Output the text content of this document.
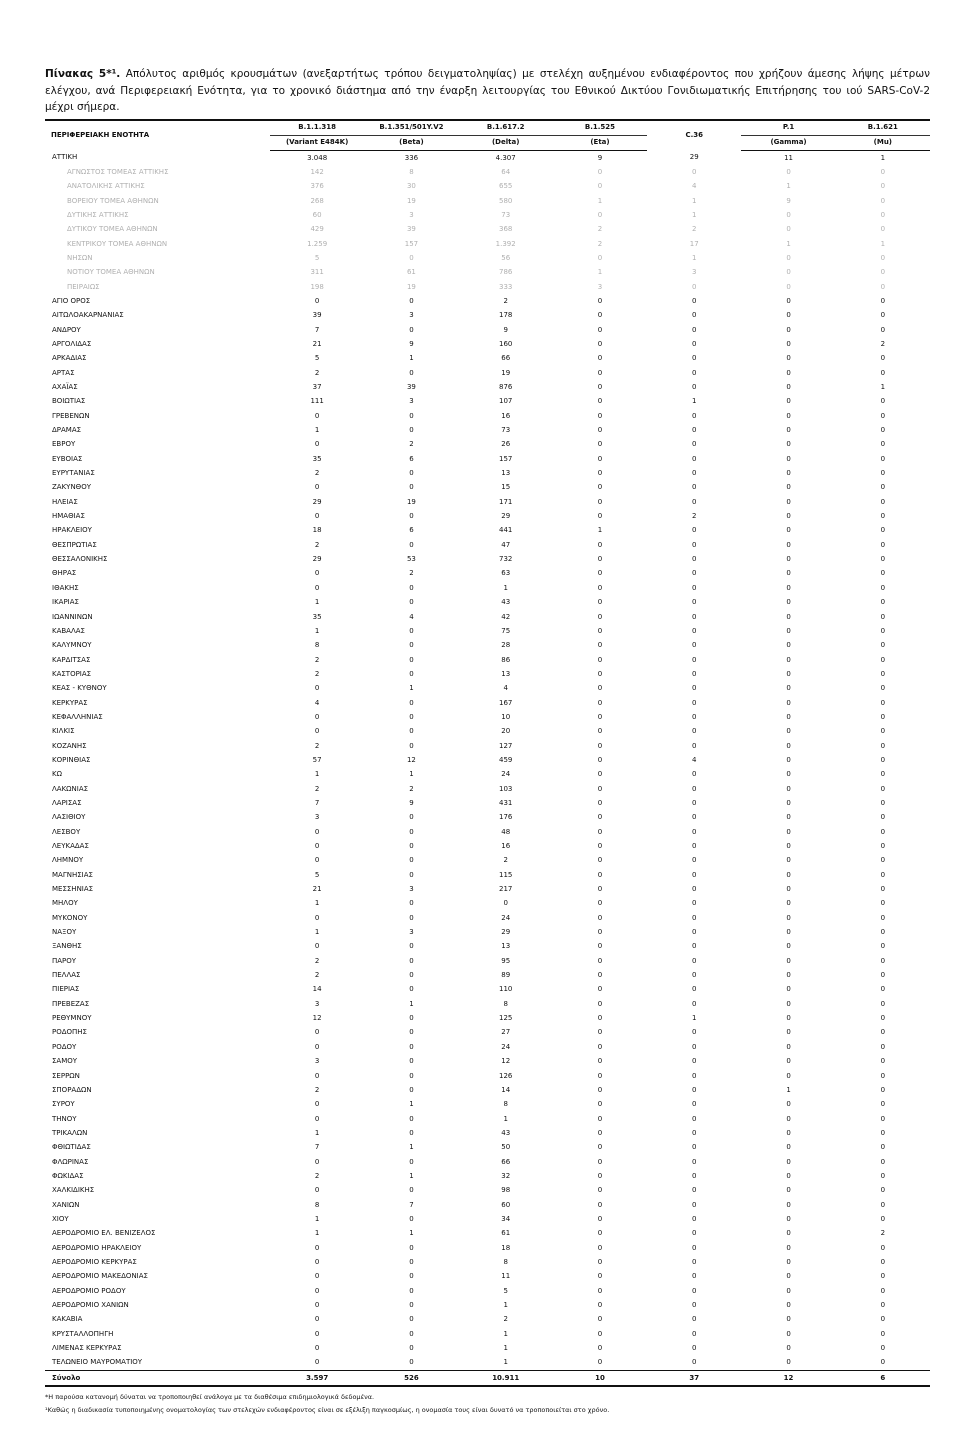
Πίνακας 5*¹. Απόλυτος αριθμός κρουσμάτων (ανεξαρτήτως τρόπου δειγματοληψίας) με στελέχη αυξημένου ενδιαφέροντος που χρήζουν άμεσης λήψης μέτρων ελέγχου, ανά Περιφερειακή Ενότητα, για το χρονικό διάστημα από την έναρξη λειτουργίας του Εθνικού Δικτύου Γονιδιωματικής Επιτήρησης του ιού SARS-CoV-2 μέχρι σήμερα.

ΠΕΡΙΦΕΡΕΙΑΚΗ ΕΝΟΤΗΤΑ	B.1.1.318	B.1.351/501Y.V2	B.1.617.2	B.1.525	C.36	P.1	B.1.621
	(Variant E484K)	(Beta)	(Delta)	(Eta)		(Gamma)	(Mu)
ΑΤΤΙΚΗ	3.048	336	4.307	9	29	11	1
ΑΓΝΩΣΤΟΣ ΤΟΜΕΑΣ ΑΤΤΙΚΗΣ	142	8	64	0	0	0	0
ΑΝΑΤΟΛΙΚΗΣ ΑΤΤΙΚΗΣ	376	30	655	0	4	1	0
ΒΟΡΕΙΟΥ ΤΟΜΕΑ ΑΘΗΝΩΝ	268	19	580	1	1	9	0
ΔΥΤΙΚΗΣ ΑΤΤΙΚΗΣ	60	3	73	0	1	0	0
ΔΥΤΙΚΟΥ ΤΟΜΕΑ ΑΘΗΝΩΝ	429	39	368	2	2	0	0
ΚΕΝΤΡΙΚΟΥ ΤΟΜΕΑ ΑΘΗΝΩΝ	1.259	157	1.392	2	17	1	1
ΝΗΣΩΝ	5	0	56	0	1	0	0
ΝΟΤΙΟΥ ΤΟΜΕΑ ΑΘΗΝΩΝ	311	61	786	1	3	0	0
ΠΕΙΡΑΙΩΣ	198	19	333	3	0	0	0
ΑΓΙΟ ΟΡΟΣ	0	0	2	0	0	0	0
ΑΙΤΩΛΟΑΚΑΡΝΑΝΙΑΣ	39	3	178	0	0	0	0
ΑΝΔΡΟΥ	7	0	9	0	0	0	0
ΑΡΓΟΛΙΔΑΣ	21	9	160	0	0	0	2
ΑΡΚΑΔΙΑΣ	5	1	66	0	0	0	0
ΑΡΤΑΣ	2	0	19	0	0	0	0
ΑΧΑΪΑΣ	37	39	876	0	0	0	1
ΒΟΙΩΤΙΑΣ	111	3	107	0	1	0	0
ΓΡΕΒΕΝΩΝ	0	0	16	0	0	0	0
ΔΡΑΜΑΣ	1	0	73	0	0	0	0
ΕΒΡΟΥ	0	2	26	0	0	0	0
ΕΥΒΟΙΑΣ	35	6	157	0	0	0	0
ΕΥΡΥΤΑΝΙΑΣ	2	0	13	0	0	0	0
ΖΑΚΥΝΘΟΥ	0	0	15	0	0	0	0
ΗΛΕΙΑΣ	29	19	171	0	0	0	0
ΗΜΑΘΙΑΣ	0	0	29	0	2	0	0
ΗΡΑΚΛΕΙΟΥ	18	6	441	1	0	0	0
ΘΕΣΠΡΩΤΙΑΣ	2	0	47	0	0	0	0
ΘΕΣΣΑΛΟΝΙΚΗΣ	29	53	732	0	0	0	0
ΘΗΡΑΣ	0	2	63	0	0	0	0
ΙΘΑΚΗΣ	0	0	1	0	0	0	0
ΙΚΑΡΙΑΣ	1	0	43	0	0	0	0
ΙΩΑΝΝΙΝΩΝ	35	4	42	0	0	0	0
ΚΑΒΑΛΑΣ	1	0	75	0	0	0	0
ΚΑΛΥΜΝΟΥ	8	0	28	0	0	0	0
ΚΑΡΔΙΤΣΑΣ	2	0	86	0	0	0	0
ΚΑΣΤΟΡΙΑΣ	2	0	13	0	0	0	0
ΚΕΑΣ - ΚΥΘΝΟΥ	0	1	4	0	0	0	0
ΚΕΡΚΥΡΑΣ	4	0	167	0	0	0	0
ΚΕΦΑΛΛΗΝΙΑΣ	0	0	10	0	0	0	0
ΚΙΛΚΙΣ	0	0	20	0	0	0	0
ΚΟΖΑΝΗΣ	2	0	127	0	0	0	0
ΚΟΡΙΝΘΙΑΣ	57	12	459	0	4	0	0
ΚΩ	1	1	24	0	0	0	0
ΛΑΚΩΝΙΑΣ	2	2	103	0	0	0	0
ΛΑΡΙΣΑΣ	7	9	431	0	0	0	0
ΛΑΣΙΘΙΟΥ	3	0	176	0	0	0	0
ΛΕΣΒΟΥ	0	0	48	0	0	0	0
ΛΕΥΚΑΔΑΣ	0	0	16	0	0	0	0
ΛΗΜΝΟΥ	0	0	2	0	0	0	0
ΜΑΓΝΗΣΙΑΣ	5	0	115	0	0	0	0
ΜΕΣΣΗΝΙΑΣ	21	3	217	0	0	0	0
ΜΗΛΟΥ	1	0	0	0	0	0	0
ΜΥΚΟΝΟΥ	0	0	24	0	0	0	0
ΝΑΞΟΥ	1	3	29	0	0	0	0
ΞΑΝΘΗΣ	0	0	13	0	0	0	0
ΠΑΡΟΥ	2	0	95	0	0	0	0
ΠΕΛΛΑΣ	2	0	89	0	0	0	0
ΠΙΕΡΙΑΣ	14	0	110	0	0	0	0
ΠΡΕΒΕΖΑΣ	3	1	8	0	0	0	0
ΡΕΘΥΜΝΟΥ	12	0	125	0	1	0	0
ΡΟΔΟΠΗΣ	0	0	27	0	0	0	0
ΡΟΔΟΥ	0	0	24	0	0	0	0
ΣΑΜΟΥ	3	0	12	0	0	0	0
ΣΕΡΡΩΝ	0	0	126	0	0	0	0
ΣΠΟΡΑΔΩΝ	2	0	14	0	0	1	0
ΣΥΡΟΥ	0	1	8	0	0	0	0
ΤΗΝΟΥ	0	0	1	0	0	0	0
ΤΡΙΚΑΛΩΝ	1	0	43	0	0	0	0
ΦΘΙΩΤΙΔΑΣ	7	1	50	0	0	0	0
ΦΛΩΡΙΝΑΣ	0	0	66	0	0	0	0
ΦΩΚΙΔΑΣ	2	1	32	0	0	0	0
ΧΑΛΚΙΔΙΚΗΣ	0	0	98	0	0	0	0
ΧΑΝΙΩΝ	8	7	60	0	0	0	0
ΧΙΟΥ	1	0	34	0	0	0	0
ΑΕΡΟΔΡΟΜΙΟ ΕΛ. ΒΕΝΙΖΕΛΟΣ	1	1	61	0	0	0	2
ΑΕΡΟΔΡΟΜΙΟ ΗΡΑΚΛΕΙΟΥ	0	0	18	0	0	0	0
ΑΕΡΟΔΡΟΜΙΟ ΚΕΡΚΥΡΑΣ	0	0	8	0	0	0	0
ΑΕΡΟΔΡΟΜΙΟ ΜΑΚΕΔΟΝΙΑΣ	0	0	11	0	0	0	0
ΑΕΡΟΔΡΟΜΙΟ ΡΟΔΟΥ	0	0	5	0	0	0	0
ΑΕΡΟΔΡΟΜΙΟ ΧΑΝΙΩΝ	0	0	1	0	0	0	0
ΚΑΚΑΒΙΑ	0	0	2	0	0	0	0
ΚΡΥΣΤΑΛΛΟΠΗΓΗ	0	0	1	0	0	0	0
ΛΙΜΕΝΑΣ ΚΕΡΚΥΡΑΣ	0	0	1	0	0	0	0
ΤΕΛΩΝΕΙΟ ΜΑΥΡΟΜΑΤΙΟΥ	0	0	1	0	0	0	0
Σύνολο	3.597	526	10.911	10	37	12	6
*Η παρούσα κατανομή δύναται να τροποποιηθεί ανάλογα με τα διαθέσιμα επιδημιολογικά δεδομένα.
¹Καθώς η διαδικασία τυποποιημένης ονοματολογίας των στελεχών ενδιαφέροντος είναι σε εξέλιξη παγκοσμίως, η ονομασία τους είναι δυνατό να τροποποιείται στο χρόνο.
